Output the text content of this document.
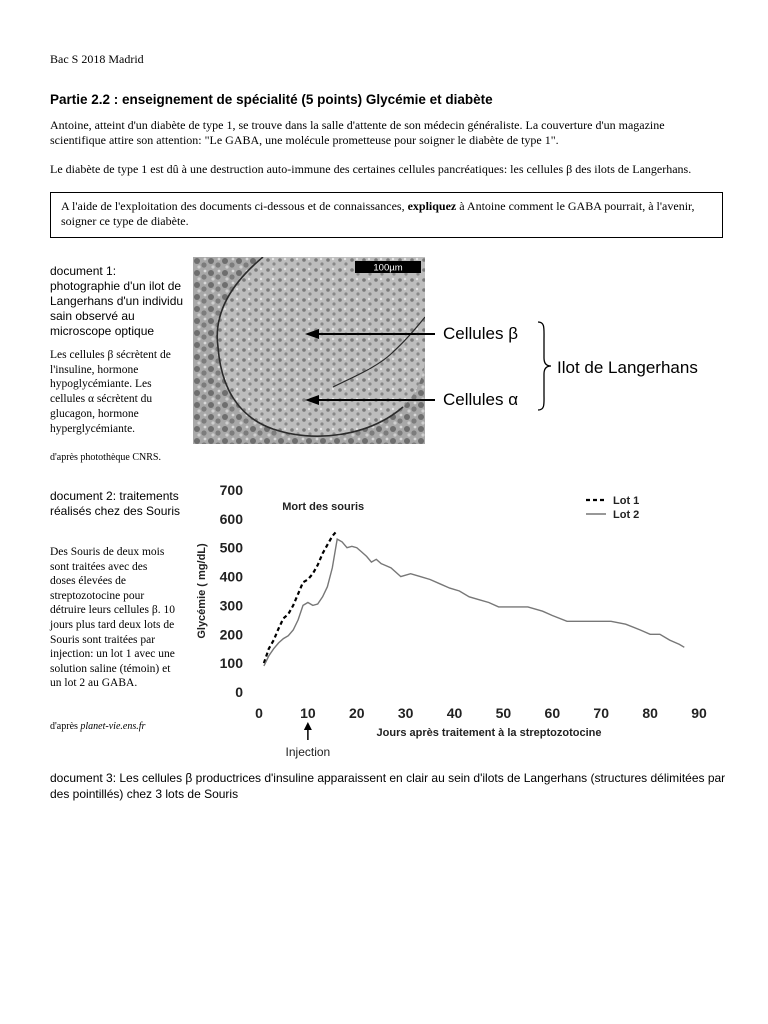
Bac S 2018 Madrid
Partie 2.2 : enseignement de spécialité (5 points) Glycémie et diabète
Antoine, atteint d'un diabète de type 1, se trouve dans la salle d'attente de son médecin généraliste. La couverture d'un magazine scientifique attire son attention: "Le GABA, une molécule prometteuse pour soigner le diabète de type 1".
Le diabète de type 1 est dû à une destruction auto-immune des certaines cellules pancréatiques: les cellules β des ilots de Langerhans.
A l'aide de l'exploitation des documents ci-dessous et de connaissances, expliquez à Antoine comment le GABA pourrait, à l'avenir, soigner ce type de diabète.
document 1: photographie d'un ilot de Langerhans d'un individu sain observé au microscope optique
Les cellules β sécrètent de l'insuline, hormone hypoglycémiante. Les cellules α sécrètent du glucagon, hormone hyperglycémiante.
d'après photothèque CNRS.
100µm
Cellules β
Cellules α
Ilot de Langerhans
document 2: traitements réalisés chez des Souris
Des Souris de deux mois sont traitées avec des doses élevées de streptozotocine pour détruire leurs cellules β. 10 jours plus tard deux lots de Souris sont traitées par injection: un lot 1 avec une solution saline (témoin) et un lot 2 au GABA.
d'après planet-vie.ens.fr
0
100
200
300
400
500
600
700
0	10 20 30 40 50 60 70 80 90
Glycémie ( mg/dL)
Jours après traitement à la streptozotocine
Lot 1
Lot 2
Mort des souris
Injection
document 3: Les cellules β productrices d'insuline apparaissent en clair au sein d'ilots de Langerhans (structures délimitées par des pointillés) chez 3 lots de Souris
